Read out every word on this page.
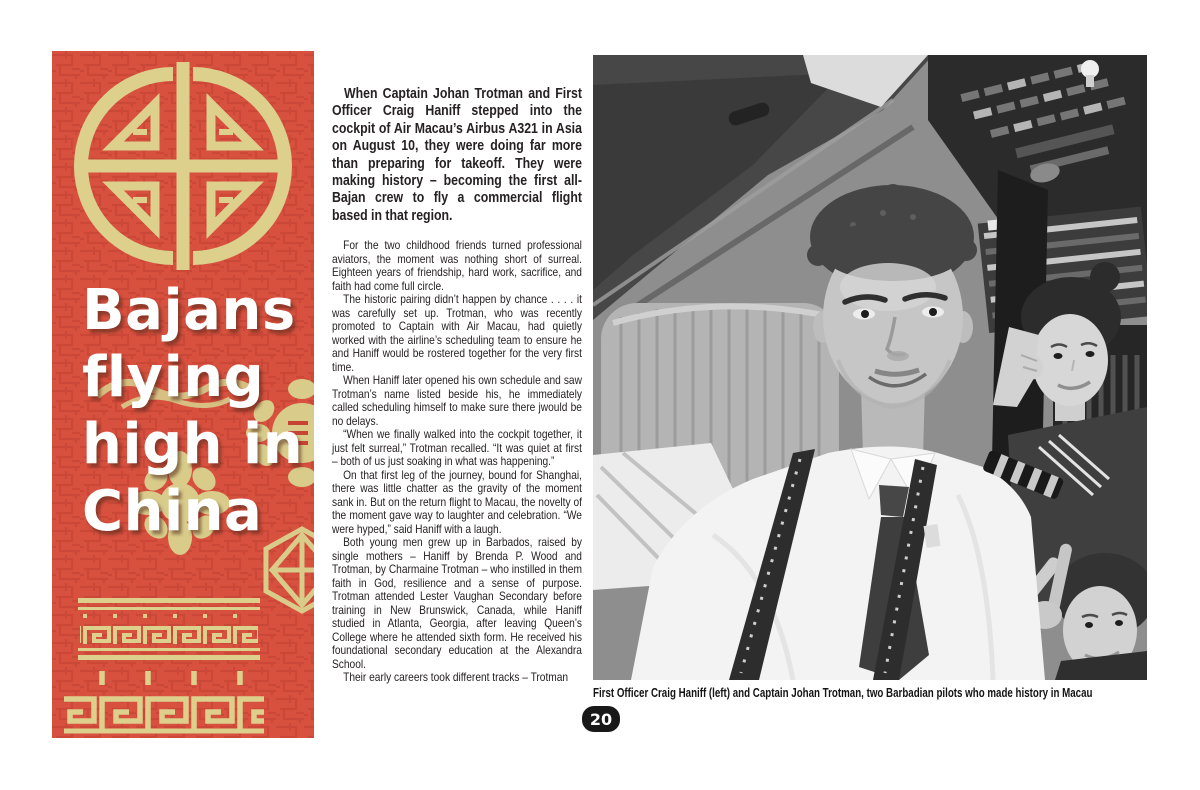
Bajans
flying
high in
China

When Captain Johan Trotman and First Officer Craig Haniff stepped into the cockpit of Air Macau’s Airbus A321 in Asia on August 10, they were doing far more than preparing for takeoff. They were making history – becoming the first all-Bajan crew to fly a commercial flight based in that region.

For the two childhood friends turned professional aviators, the moment was nothing short of surreal. Eighteen years of friendship, hard work, sacrifice, and faith had come full circle.

The historic pairing didn’t happen by chance . . . . it was carefully set up. Trotman, who was recently promoted to Captain with Air Macau, had quietly worked with the airline’s scheduling team to ensure he and Haniff would be rostered together for the very first time.

When Haniff later opened his own schedule and saw Trotman’s name listed beside his, he immediately called scheduling himself to make sure there jwould be no delays.

“When we finally walked into the cockpit together, it just felt surreal,” Trotman recalled. “It was quiet at first – both of us just soaking in what was happening.”

On that first leg of the journey, bound for Shanghai, there was little chatter as the gravity of the moment sank in. But on the return flight to Macau, the novelty of the moment gave way to laughter and celebration. “We were hyped,” said Haniff with a laugh.

Both young men grew up in Barbados, raised by single mothers – Haniff by Brenda P. Wood and Trotman, by Charmaine Trotman – who instilled in them faith in God, resilience and a sense of purpose. Trotman attended Lester Vaughan Secondary before training in New Brunswick, Canada, while Haniff studied in Atlanta, Georgia, after leaving Queen’s College where he attended sixth form. He received his foundational secondary education at the Alexandra School.

Their early careers took different tracks – Trotman

First Officer Craig Haniff (left) and Captain Johan Trotman, two Barbadian pilots who made history in Macau
20
